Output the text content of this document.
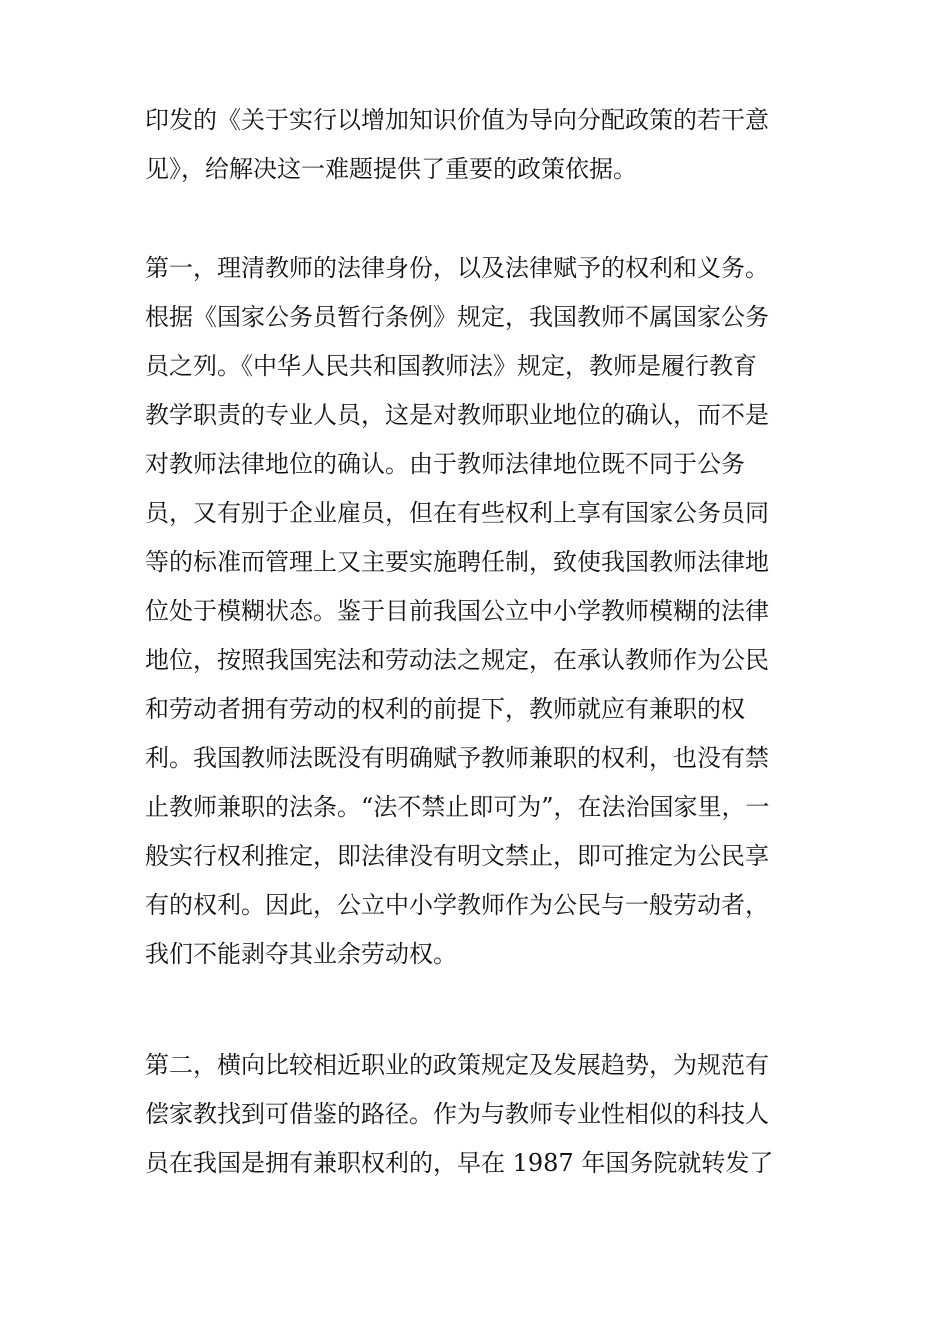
印发的《关于实行以增加知识价值为导向分配政策的若干意
见》，给解决这一难题提供了重要的政策依据。
第一，理清教师的法律身份，以及法律赋予的权利和义务。
根据《国家公务员暂行条例》规定，我国教师不属国家公务
员之列。《中华人民共和国教师法》规定，教师是履行教育
教学职责的专业人员，这是对教师职业地位的确认，而不是
对教师法律地位的确认。由于教师法律地位既不同于公务
员，又有别于企业雇员，但在有些权利上享有国家公务员同
等的标准而管理上又主要实施聘任制，致使我国教师法律地
位处于模糊状态。鉴于目前我国公立中小学教师模糊的法律
地位，按照我国宪法和劳动法之规定，在承认教师作为公民
和劳动者拥有劳动的权利的前提下，教师就应有兼职的权
利。我国教师法既没有明确赋予教师兼职的权利，也没有禁
止教师兼职的法条。“法不禁止即可为”，在法治国家里，一
般实行权利推定，即法律没有明文禁止，即可推定为公民享
有的权利。因此，公立中小学教师作为公民与一般劳动者，
我们不能剥夺其业余劳动权。
第二，横向比较相近职业的政策规定及发展趋势，为规范有
偿家教找到可借鉴的路径。作为与教师专业性相似的科技人
员在我国是拥有兼职权利的，早在 1987 年国务院就转发了
